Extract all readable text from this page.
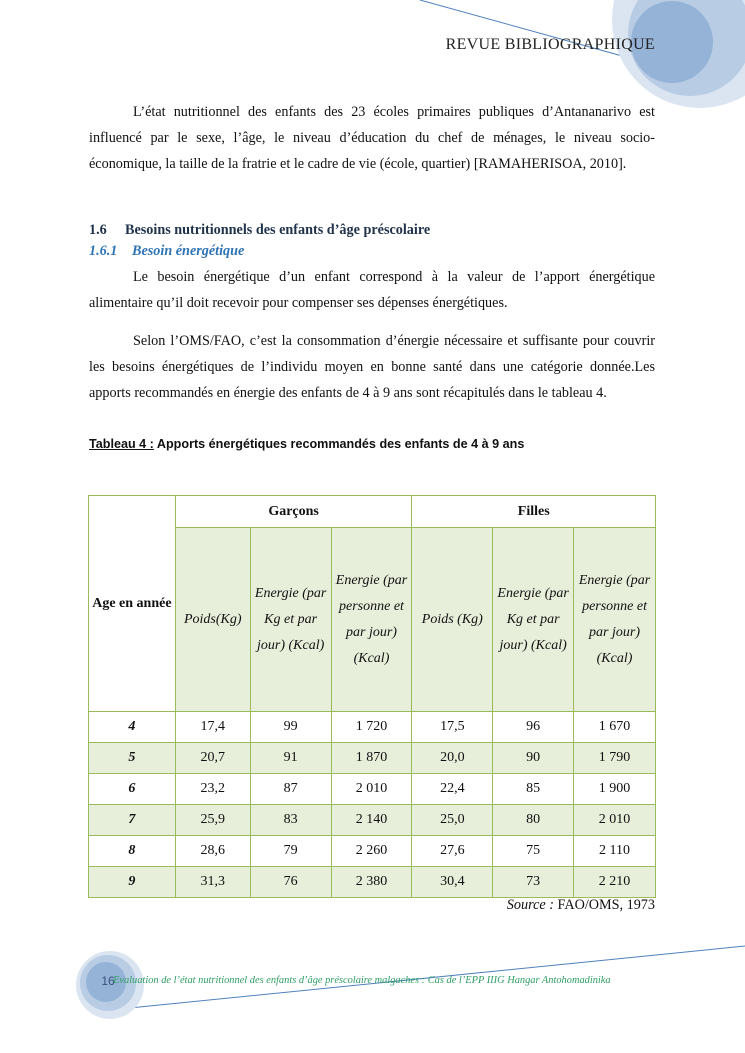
REVUE BIBLIOGRAPHIQUE
L’état nutritionnel des enfants des 23 écoles primaires publiques d’Antananarivo est influencé par le sexe, l’âge, le niveau d’éducation du chef de ménages, le niveau socio-économique, la taille de la fratrie et le cadre de vie (école, quartier) [RAMAHERISOA, 2010].
1.6 Besoins nutritionnels des enfants d’âge préscolaire
1.6.1 Besoin énergétique
Le besoin énergétique d’un enfant correspond à la valeur de l’apport énergétique alimentaire qu’il doit recevoir pour compenser ses dépenses énergétiques.
Selon l’OMS/FAO, c’est la consommation d’énergie nécessaire et suffisante pour couvrir les besoins énergétiques de l’individu moyen en bonne santé dans une catégorie donnée.Les apports recommandés en énergie des enfants de 4 à 9 ans sont récapitulés dans le tableau 4.
Tableau 4 : Apports énergétiques recommandés des enfants de 4 à 9 ans
Age en année	Garçons			Filles		
	Poids(Kg)	Energie (par Kg et par jour) (Kcal)	Energie (par personne et par jour) (Kcal)	Poids (Kg)	Energie (par Kg et par jour) (Kcal)	Energie (par personne et par jour) (Kcal)
4	17,4	99	1 720	17,5	96	1 670
5	20,7	91	1 870	20,0	90	1 790
6	23,2	87	2 010	22,4	85	1 900
7	25,9	83	2 140	25,0	80	2 010
8	28,6	79	2 260	27,6	75	2 110
9	31,3	76	2 380	30,4	73	2 210
Source : FAO/OMS, 1973
16
Evaluation de l’état nutritionnel des enfants d’âge préscolaire malgaches : Cas de l’EPP IIIG Hangar Antohomadinika
